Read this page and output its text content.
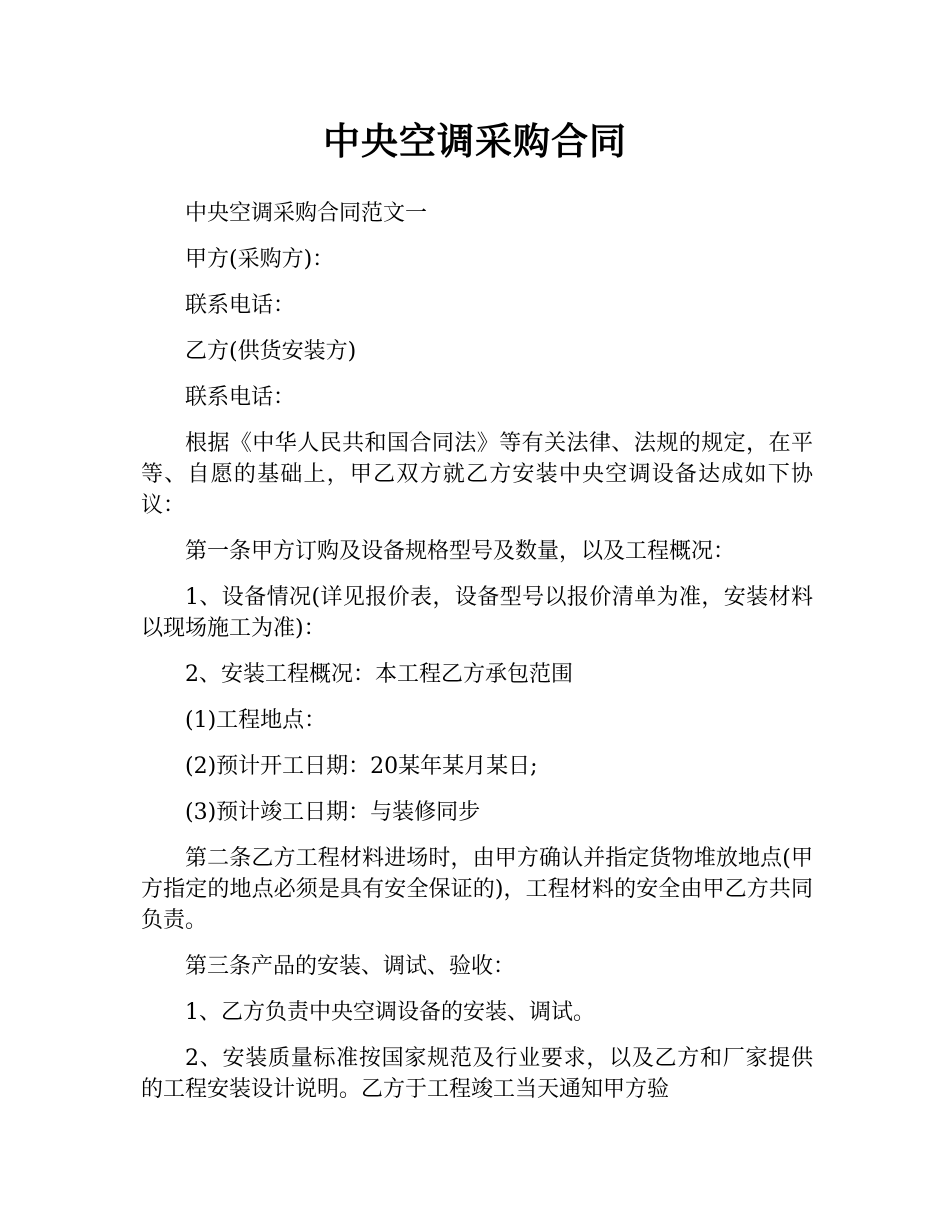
中央空调采购合同

中央空调采购合同范文一

甲方(采购方)：

联系电话：

乙方(供货安装方)

联系电话：

根据《中华人民共和国合同法》等有关法律、法规的规定，在平等、自愿的基础上，甲乙双方就乙方安装中央空调设备达成如下协议：

第一条甲方订购及设备规格型号及数量，以及工程概况：

1、设备情况(详见报价表，设备型号以报价清单为准，安装材料以现场施工为准)：

2、安装工程概况：本工程乙方承包范围

(1)工程地点：

(2)预计开工日期：20某年某月某日;

(3)预计竣工日期：与装修同步

第二条乙方工程材料进场时，由甲方确认并指定货物堆放地点(甲方指定的地点必须是具有安全保证的)，工程材料的安全由甲乙方共同负责。

第三条产品的安装、调试、验收：

1、乙方负责中央空调设备的安装、调试。

2、安装质量标准按国家规范及行业要求，以及乙方和厂家提供的工程安装设计说明。乙方于工程竣工当天通知甲方验
